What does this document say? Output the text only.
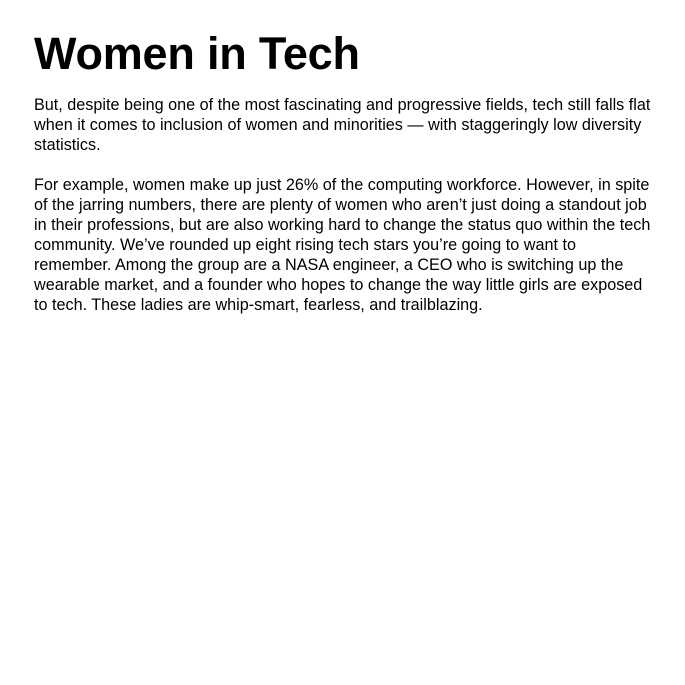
Women in Tech

But, despite being one of the most fascinating and progressive fields, tech still falls flat when it comes to inclusion of women and minorities — with staggeringly low diversity statistics.

For example, women make up just 26% of the computing workforce. However, in spite of the jarring numbers, there are plenty of women who aren’t just doing a standout job in their professions, but are also working hard to change the status quo within the tech community. We’ve rounded up eight rising tech stars you’re going to want to remember. Among the group are a NASA engineer, a CEO who is switching up the wearable market, and a founder who hopes to change the way little girls are exposed to tech. These ladies are whip-smart, fearless, and trailblazing.
